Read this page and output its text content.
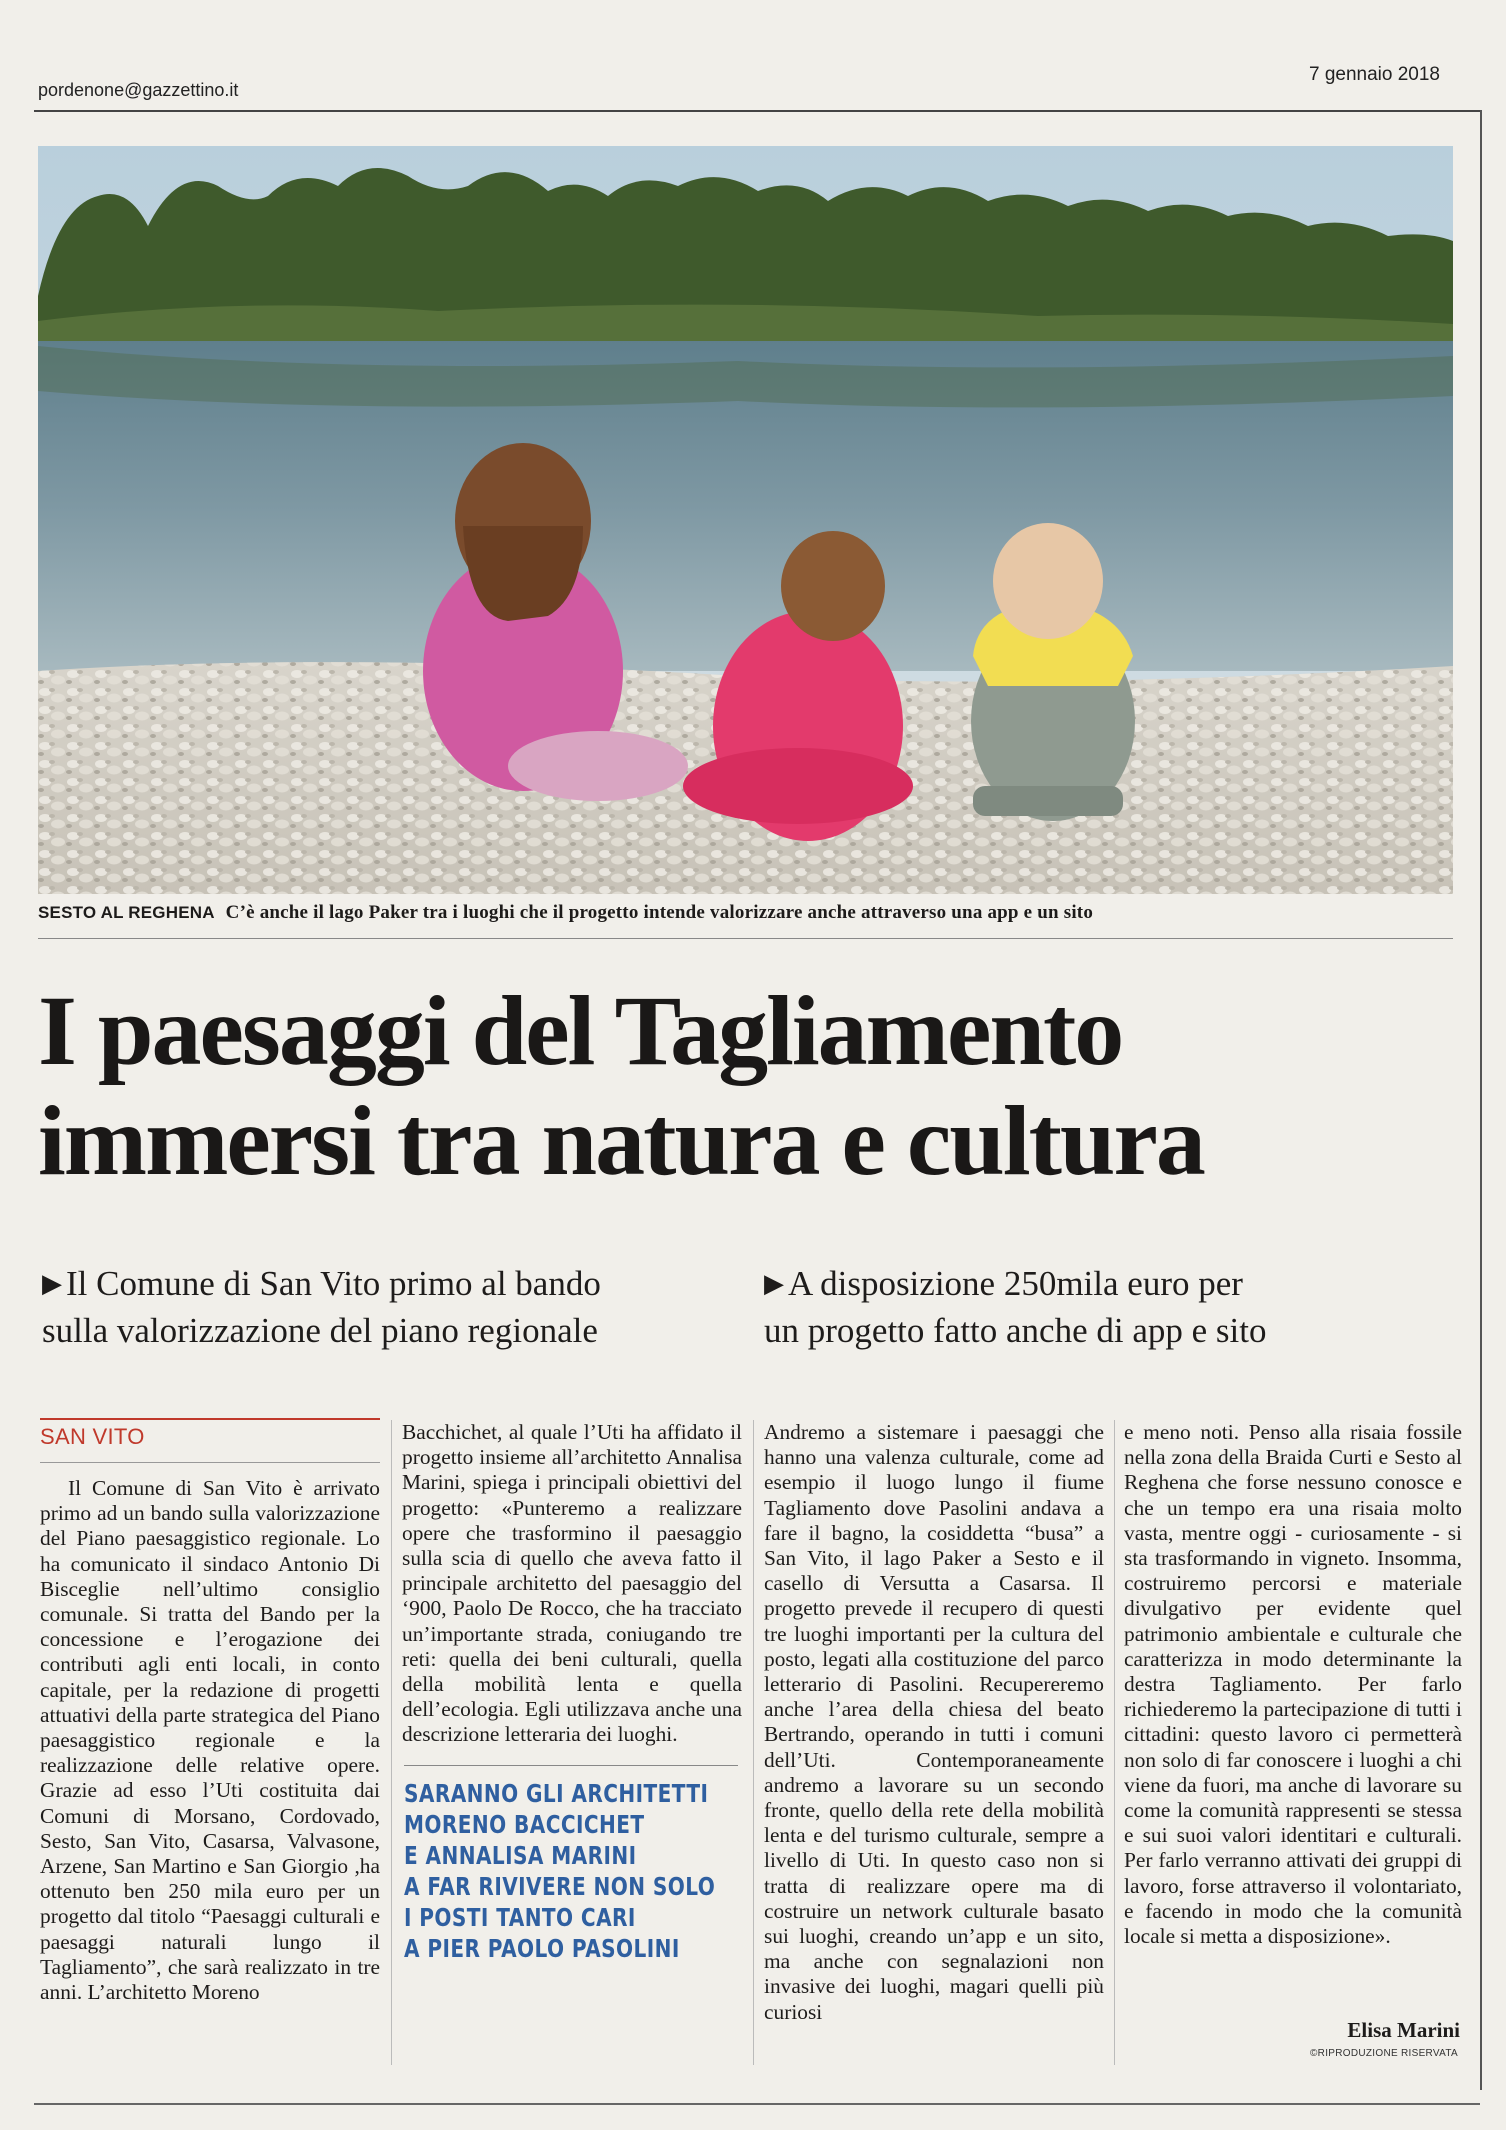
pordenone@gazzettino.it
7 gennaio 2018
SESTO AL REGHENA C’è anche il lago Paker tra i luoghi che il progetto intende valorizzare anche attraverso una app e un sito
I paesaggi del Tagliamento
immersi tra natura e cultura
▶ Il Comune di San Vito primo al bando
sulla valorizzazione del piano regionale
▶ A disposizione 250mila euro per
un progetto fatto anche di app e sito
SAN VITO
Il Comune di San Vito è arrivato primo ad un bando sulla valorizzazione del Piano paesaggistico regionale. Lo ha comunicato il sindaco Antonio Di Bisceglie nell’ultimo consiglio comunale. Si tratta del Bando per la concessione e l’erogazione dei contributi agli enti locali, in conto capitale, per la redazione di progetti attuativi della parte strategica del Piano paesaggistico regionale e la realizzazione delle relative opere. Grazie ad esso l’Uti costituita dai Comuni di Morsano, Cordovado, Sesto, San Vito, Casarsa, Valvasone, Arzene, San Martino e San Giorgio ,ha ottenuto ben 250 mila euro per un progetto dal titolo “Paesaggi culturali e paesaggi naturali lungo il Tagliamento”, che sarà realizzato in tre anni. L’architetto Moreno
Bacchichet, al quale l’Uti ha affidato il progetto insieme all’architetto Annalisa Marini, spiega i principali obiettivi del progetto: «Punteremo a realizzare opere che trasformino il paesaggio sulla scia di quello che aveva fatto il principale architetto del paesaggio del ‘900, Paolo De Rocco, che ha tracciato un’importante strada, coniugando tre reti: quella dei beni culturali, quella della mobilità lenta e quella dell’ecologia. Egli utilizzava anche una descrizione letteraria dei luoghi.
Andremo a sistemare i paesaggi che hanno una valenza culturale, come ad esempio il luogo lungo il fiume Tagliamento dove Pasolini andava a fare il bagno, la cosiddetta “busa” a San Vito, il lago Paker a Sesto e il casello di Versutta a Casarsa. Il progetto prevede il recupero di questi tre luoghi importanti per la cultura del posto, legati alla costituzione del parco letterario di Pasolini. Recupereremo anche l’area della chiesa del beato Bertrando, operando in tutti i comuni dell’Uti. Contemporaneamente andremo a lavorare su un secondo fronte, quello della rete della mobilità lenta e del turismo culturale, sempre a livello di Uti. In questo caso non si tratta di realizzare opere ma di costruire un network culturale basato sui luoghi, creando un’app e un sito, ma anche con segnalazioni non invasive dei luoghi, magari quelli più curiosi
e meno noti. Penso alla risaia fossile nella zona della Braida Curti e Sesto al Reghena che forse nessuno conosce e che un tempo era una risaia molto vasta, mentre oggi - curiosamente - si sta trasformando in vigneto. Insomma, costruiremo percorsi e materiale divulgativo per evidente quel patrimonio ambientale e culturale che caratterizza in modo determinante la destra Tagliamento. Per farlo richiederemo la partecipazione di tutti i cittadini: questo lavoro ci permetterà non solo di far conoscere i luoghi a chi viene da fuori, ma anche di lavorare su come la comunità rappresenti se stessa e sui suoi valori identitari e culturali. Per farlo verranno attivati dei gruppi di lavoro, forse attraverso il volontariato, e facendo in modo che la comunità locale si metta a disposizione».
SARANNO GLI ARCHITETTI
MORENO BACCICHET
E ANNALISA MARINI
A FAR RIVIVERE NON SOLO
I POSTI TANTO CARI
A PIER PAOLO PASOLINI
Elisa Marini
©RIPRODUZIONE RISERVATA
